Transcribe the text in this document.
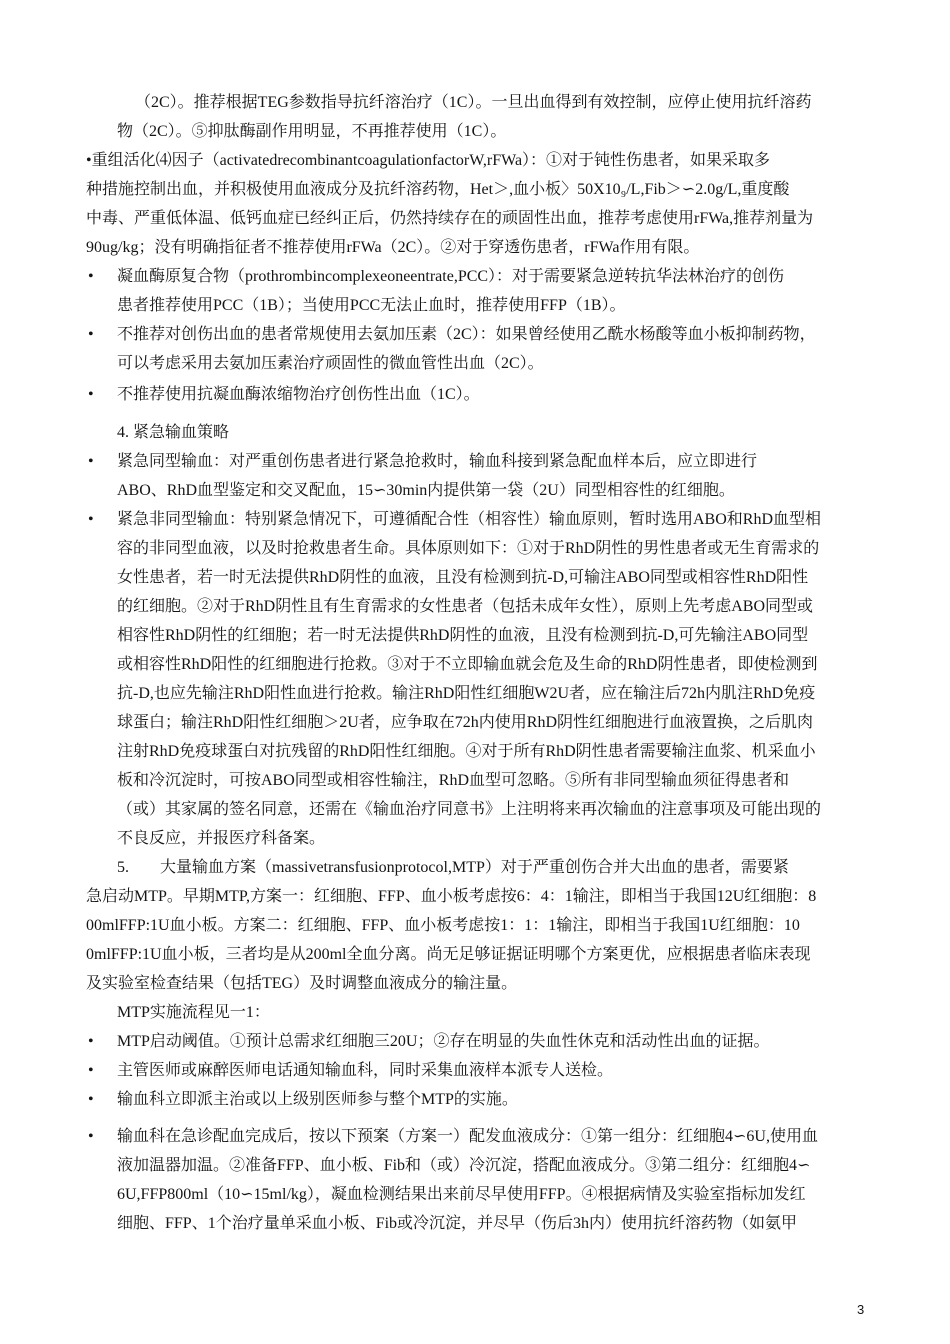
（2C）。推荐根据TEG参数指导抗纤溶治疗（1C）。一旦出血得到有效控制，应停止使用抗纤溶药
物（2C）。⑤抑肽酶副作用明显，不再推荐使用（1C）。
•重组活化⑷因子（activatedrecombinantcoagulationfactorW,rFWa）：①对于钝性伤患者，如果采取多
种措施控制出血，并积极使用血液成分及抗纤溶药物，Het＞,血小板〉50X10₉/L,Fib＞∽2.0g/L,重度酸
中毒、严重低体温、低钙血症已经纠正后，仍然持续存在的顽固性出血，推荐考虑使用rFWa,推荐剂量为
90ug/kg；没有明确指征者不推荐使用rFWa（2C）。②对于穿透伤患者，rFWa作用有限。
• 凝血酶原复合物（prothrombincomplexeoneentrate,PCC）：对于需要紧急逆转抗华法林治疗的创伤
患者推荐使用PCC（1B）；当使用PCC无法止血时，推荐使用FFP（1B）。
• 不推荐对创伤出血的患者常规使用去氨加压素（2C）：如果曾经使用乙酰水杨酸等血小板抑制药物，
可以考虑采用去氨加压素治疗顽固性的微血管性出血（2C）。
• 不推荐使用抗凝血酶浓缩物治疗创伤性出血（1C）。
4. 紧急输血策略
• 紧急同型输血：对严重创伤患者进行紧急抢救时，输血科接到紧急配血样本后，应立即进行
ABO、RhD血型鉴定和交叉配血，15∽30min内提供第一袋（2U）同型相容性的红细胞。
• 紧急非同型输血：特别紧急情况下，可遵循配合性（相容性）输血原则，暂时选用ABO和RhD血型相
容的非同型血液，以及时抢救患者生命。具体原则如下：①对于RhD阴性的男性患者或无生育需求的
女性患者，若一时无法提供RhD阴性的血液，且没有检测到抗-D,可输注ABO同型或相容性RhD阳性
的红细胞。②对于RhD阴性且有生育需求的女性患者（包括未成年女性），原则上先考虑ABO同型或
相容性RhD阴性的红细胞；若一时无法提供RhD阴性的血液，且没有检测到抗-D,可先输注ABO同型
或相容性RhD阳性的红细胞进行抢救。③对于不立即输血就会危及生命的RhD阴性患者，即使检测到
抗-D,也应先输注RhD阳性血进行抢救。输注RhD阳性红细胞W2U者，应在输注后72h内肌注RhD免疫
球蛋白；输注RhD阳性红细胞＞2U者，应争取在72h内使用RhD阴性红细胞进行血液置换，之后肌肉
注射RhD免疫球蛋白对抗残留的RhD阳性红细胞。④对于所有RhD阴性患者需要输注血浆、机采血小
板和冷沉淀时，可按ABO同型或相容性输注，RhD血型可忽略。⑤所有非同型输血须征得患者和
（或）其家属的签名同意，还需在《输血治疗同意书》上注明将来再次输血的注意事项及可能出现的
不良反应，并报医疗科备案。
5. 大量输血方案（massivetransfusionprotocol,MTP）对于严重创伤合并大出血的患者，需要紧
急启动MTP。早期MTP,方案一：红细胞、FFP、血小板考虑按6：4：1输注，即相当于我国12U红细胞：8
00mlFFP:1U血小板。方案二：红细胞、FFP、血小板考虑按1：1：1输注，即相当于我国1U红细胞：10
0mlFFP:1U血小板，三者均是从200ml全血分离。尚无足够证据证明哪个方案更优，应根据患者临床表现
及实验室检查结果（包括TEG）及时调整血液成分的输注量。
MTP实施流程见一1：
• MTP启动阈值。①预计总需求红细胞三20U；②存在明显的失血性休克和活动性出血的证据。
• 主管医师或麻醉医师电话通知输血科，同时采集血液样本派专人送检。
• 输血科立即派主治或以上级别医师参与整个MTP的实施。
• 输血科在急诊配血完成后，按以下预案（方案一）配发血液成分：①第一组分：红细胞4∽6U,使用血
液加温器加温。②准备FFP、血小板、Fib和（或）冷沉淀，搭配血液成分。③第二组分：红细胞4∽
6U,FFP800ml（10∽15ml/kg），凝血检测结果出来前尽早使用FFP。④根据病情及实验室指标加发红
细胞、FFP、1个治疗量单采血小板、Fib或冷沉淀，并尽早（伤后3h内）使用抗纤溶药物（如氨甲
3
